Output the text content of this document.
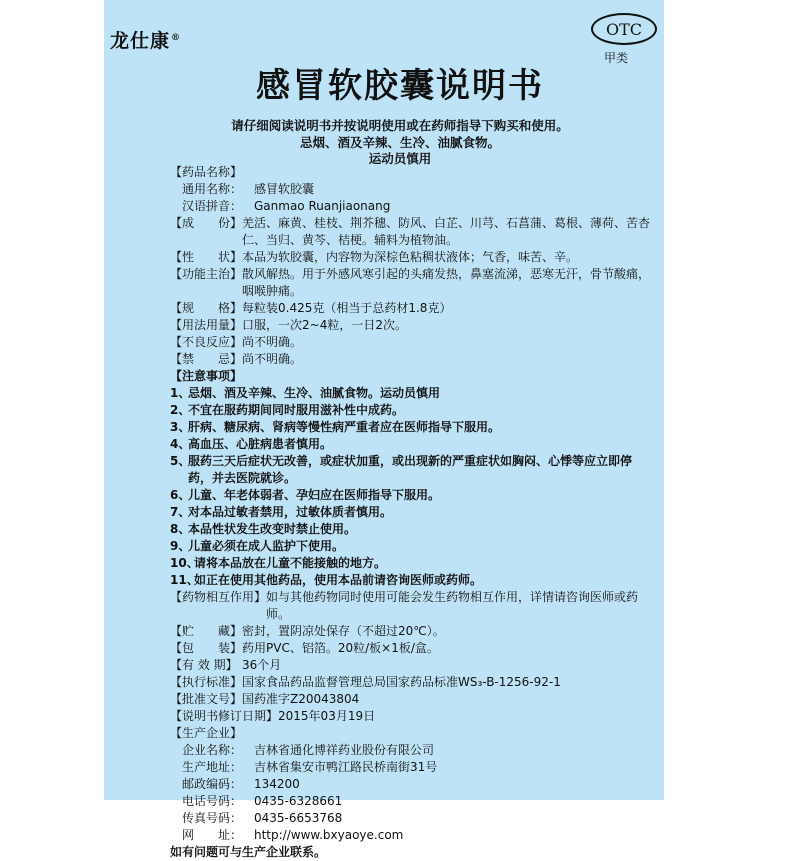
龙仕康®	OTC
甲类
感冒软胶囊说明书
请仔细阅读说明书并按说明使用或在药师指导下购买和使用。
忌烟、酒及辛辣、生冷、油腻食物。
运动员慎用
【药品名称】
通用名称： 感冒软胶囊
汉语拼音： Ganmao Ruanjiaonang
【成　　份】 羌活、麻黄、桂枝、荆芥穗、防风、白芷、川芎、石菖蒲、葛根、薄荷、苦杏仁、当归、黄芩、桔梗。辅料为植物油。
【性　　状】 本品为软胶囊，内容物为深棕色粘稠状液体；气香，味苦、辛。
【功能主治】 散风解热。用于外感风寒引起的头痛发热，鼻塞流涕，恶寒无汗，骨节酸痛，咽喉肿痛。
【规　　格】 每粒装0.425克（相当于总药材1.8克）
【用法用量】 口服，一次2~4粒，一日2次。
【不良反应】 尚不明确。
【禁　　忌】 尚不明确。
【注意事项】
1、
忌烟、酒及辛辣、生冷、油腻食物。运动员慎用
2、
不宜在服药期间同时服用滋补性中成药。
3、
肝病、糖尿病、肾病等慢性病严重者应在医师指导下服用。
4、
高血压、心脏病患者慎用。
5、
服药三天后症状无改善，或症状加重，或出现新的严重症状如胸闷、心悸等应立即停药，并去医院就诊。
6、
儿童、年老体弱者、孕妇应在医师指导下服用。
7、
对本品过敏者禁用，过敏体质者慎用。
8、
本品性状发生改变时禁止使用。
9、
儿童必须在成人监护下使用。
10、
请将本品放在儿童不能接触的地方。
11、
如正在使用其他药品，使用本品前请咨询医师或药师。
【药物相互作用】 如与其他药物同时使用可能会发生药物相互作用，详情请咨询医师或药师。
【贮　　藏】 密封，置阴凉处保存（不超过20℃）。
【包　　装】 药用PVC、铝箔。20粒/板×1板/盒。
【有 效 期】 36个月
【执行标准】 国家食品药品监督管理总局国家药品标准WS₃-B-1256-92-1
【批准文号】 国药准字Z20043804
【说明书修订日期】 2015年03月19日
【生产企业】
企业名称： 吉林省通化博祥药业股份有限公司
生产地址： 吉林省集安市鸭江路民桥南街31号
邮政编码： 134200
电话号码： 0435-6328661
传真号码： 0435-6653768
网　　址： http://www.bxyaoye.com
如有问题可与生产企业联系。
